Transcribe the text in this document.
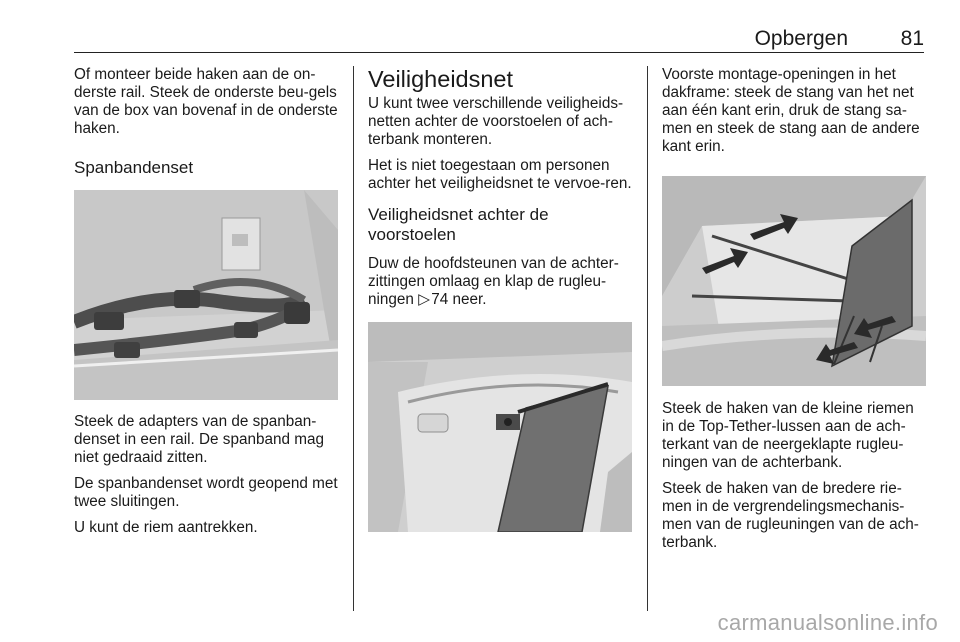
Opbergen	81

Of monteer beide haken aan de on-derste rail. Steek de onderste beu-gels van de box van bovenaf in de onderste haken.

Spanbandenset

Steek de adapters van de spanban-denset in een rail. De spanband mag niet gedraaid zitten.

De spanbandenset wordt geopend met twee sluitingen.

U kunt de riem aantrekken.

Veiligheidsnet

U kunt twee verschillende veiligheids-netten achter de voorstoelen of ach-terbank monteren.

Het is niet toegestaan om personen achter het veiligheidsnet te vervoe-ren.

Veiligheidsnet achter de voorstoelen

Duw de hoofdsteunen van de achter-zittingen omlaag en klap de rugleu-ningen ▷ 74 neer.

Voorste montage-openingen in het dakframe: steek de stang van het net aan één kant erin, druk de stang sa-men en steek de stang aan de andere kant erin.

Steek de haken van de kleine riemen in de Top-Tether-lussen aan de ach-terkant van de neergeklapte rugleu-ningen van de achterbank.

Steek de haken van de bredere rie-men in de vergrendelingsmechanis-men van de rugleuningen van de ach-terbank.

carmanualsonline.info
